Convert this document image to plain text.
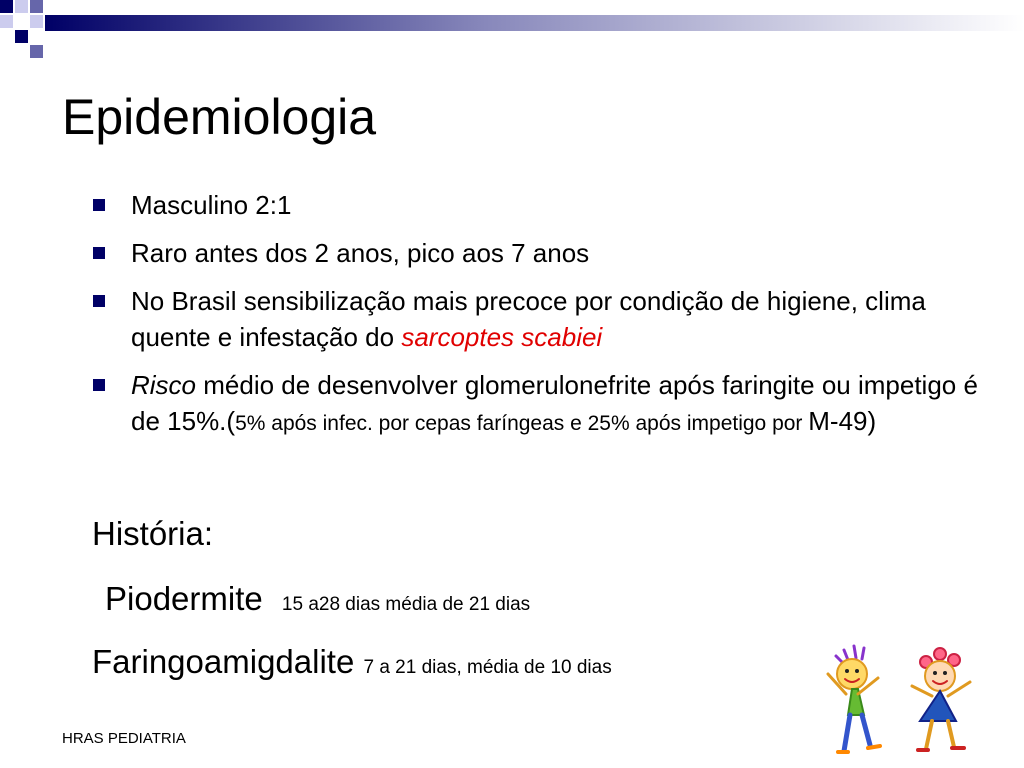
Epidemiologia
Masculino 2:1
Raro antes dos 2 anos, pico aos 7 anos
No Brasil sensibilização mais precoce por condição de higiene, clima quente e infestação do sarcoptes scabiei
Risco médio de desenvolver glomerulonefrite após faringite ou impetigo é de 15%.(5% após infec. por cepas faríngeas e 25% após impetigo por M-49)
História:
Piodermite 15 a28 dias média de 21 dias
Faringoamigdalite 7 a 21 dias, média de 10 dias
HRAS PEDIATRIA
